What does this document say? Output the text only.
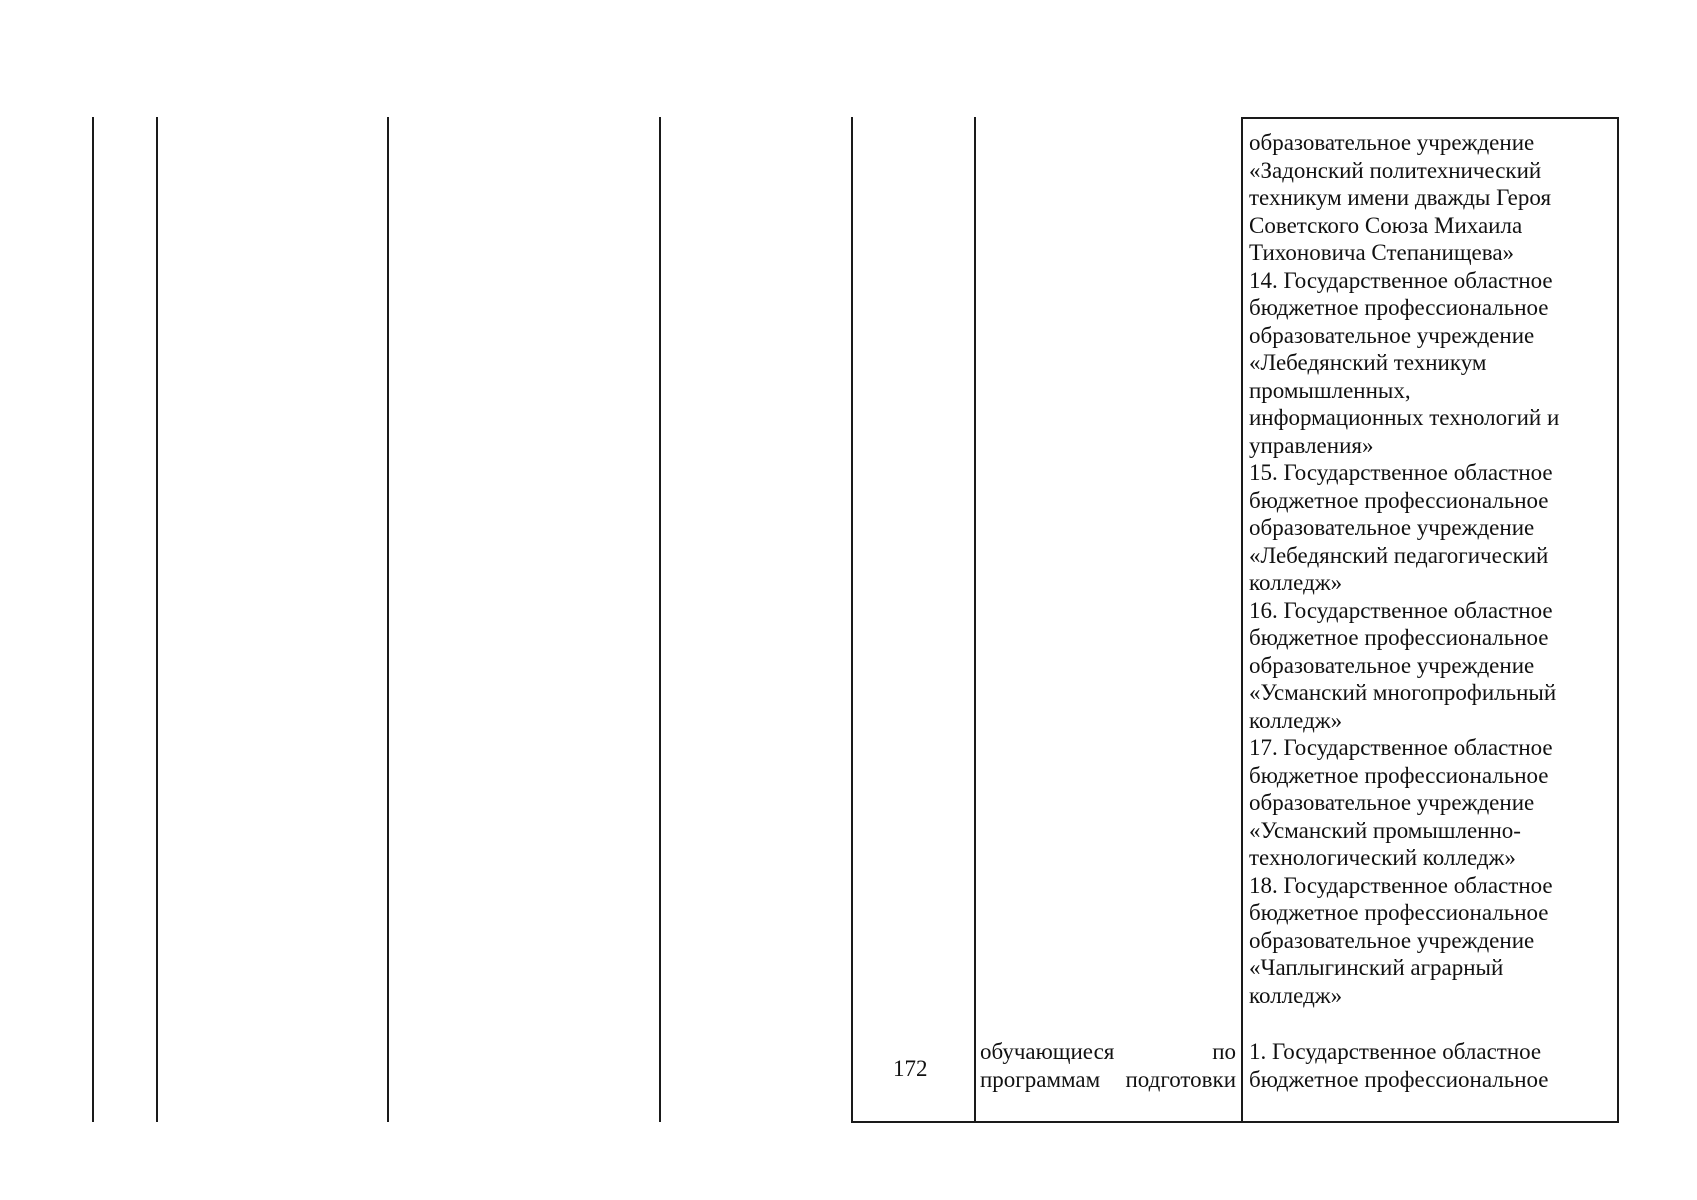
образовательное учреждение
«Задонский политехнический
техникум имени дважды Героя
Советского Союза Михаила
Тихоновича Степанищева»
14. Государственное областное
бюджетное профессиональное
образовательное учреждение
«Лебедянский техникум
промышленных,
информационных технологий и
управления»
15. Государственное областное
бюджетное профессиональное
образовательное учреждение
«Лебедянский педагогический
колледж»
16. Государственное областное
бюджетное профессиональное
образовательное учреждение
«Усманский многопрофильный
колледж»
17. Государственное областное
бюджетное профессиональное
образовательное учреждение
«Усманский промышленно-
технологический колледж»
18. Государственное областное
бюджетное профессиональное
образовательное учреждение
«Чаплыгинский аграрный
колледж»
172
обучающиеся	по
программам подготовки
1. Государственное областное
бюджетное профессиональное
